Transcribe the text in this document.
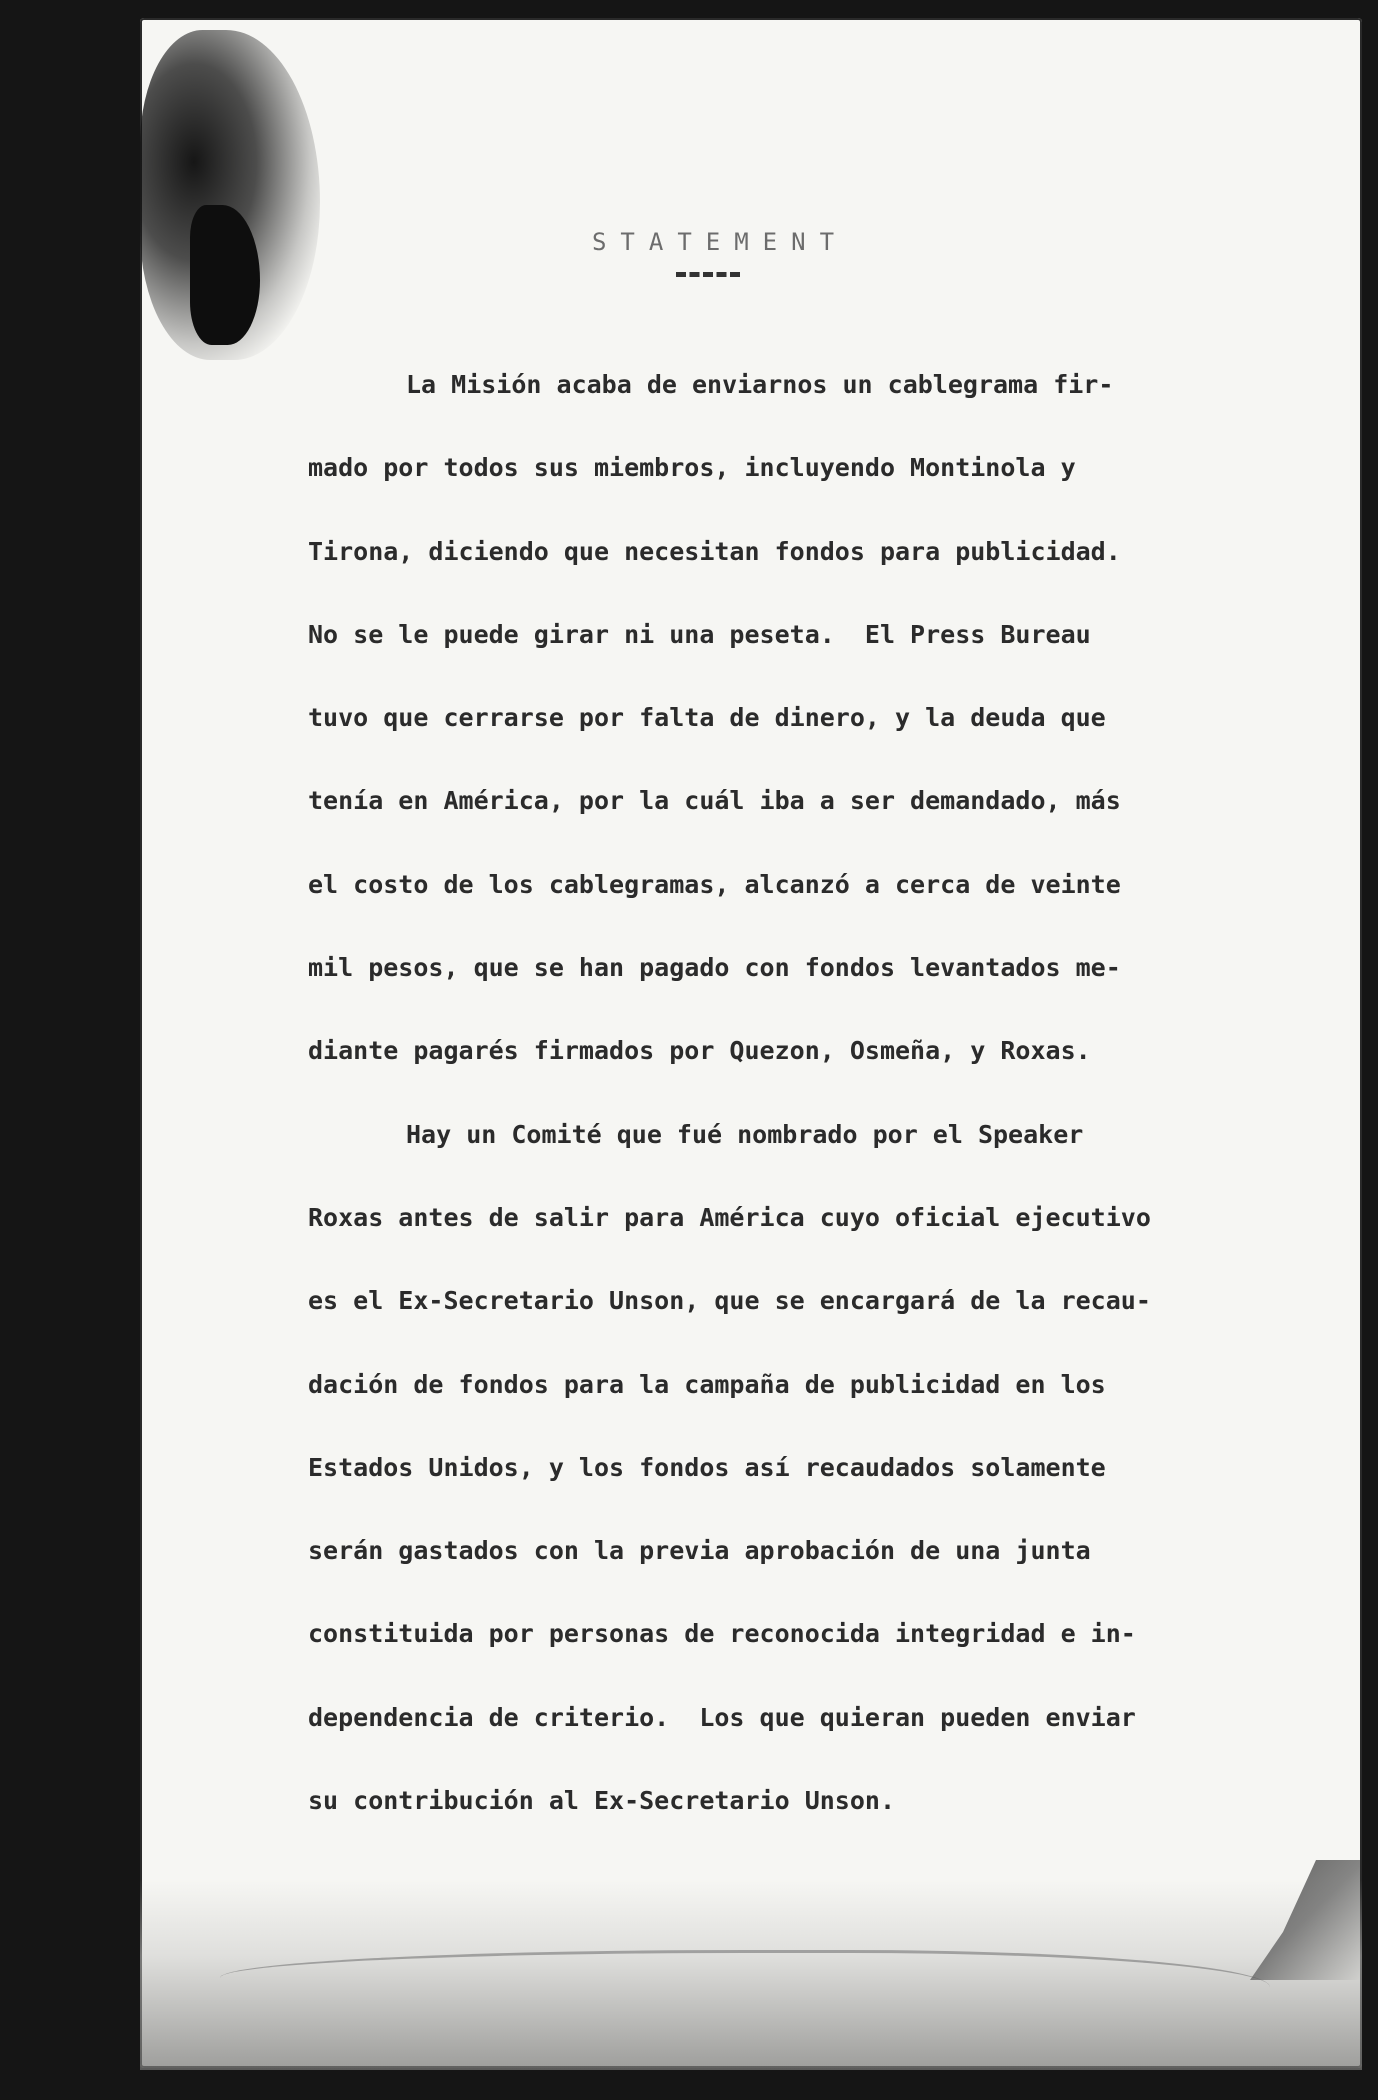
STATEMENT
La Misión acaba de enviarnos un cablegrama fir-
mado por todos sus miembros, incluyendo Montinola y
Tirona, diciendo que necesitan fondos para publicidad.
No se le puede girar ni una peseta.  El Press Bureau
tuvo que cerrarse por falta de dinero, y la deuda que
tenía en América, por la cuál iba a ser demandado, más
el costo de los cablegramas, alcanzó a cerca de veinte
mil pesos, que se han pagado con fondos levantados me-
diante pagarés firmados por Quezon, Osmeña, y Roxas.
Hay un Comité que fué nombrado por el Speaker
Roxas antes de salir para América cuyo oficial ejecutivo
es el Ex-Secretario Unson, que se encargará de la recau-
dación de fondos para la campaña de publicidad en los
Estados Unidos, y los fondos así recaudados solamente
serán gastados con la previa aprobación de una junta
constituida por personas de reconocida integridad e in-
dependencia de criterio.  Los que quieran pueden enviar
su contribución al Ex-Secretario Unson.
